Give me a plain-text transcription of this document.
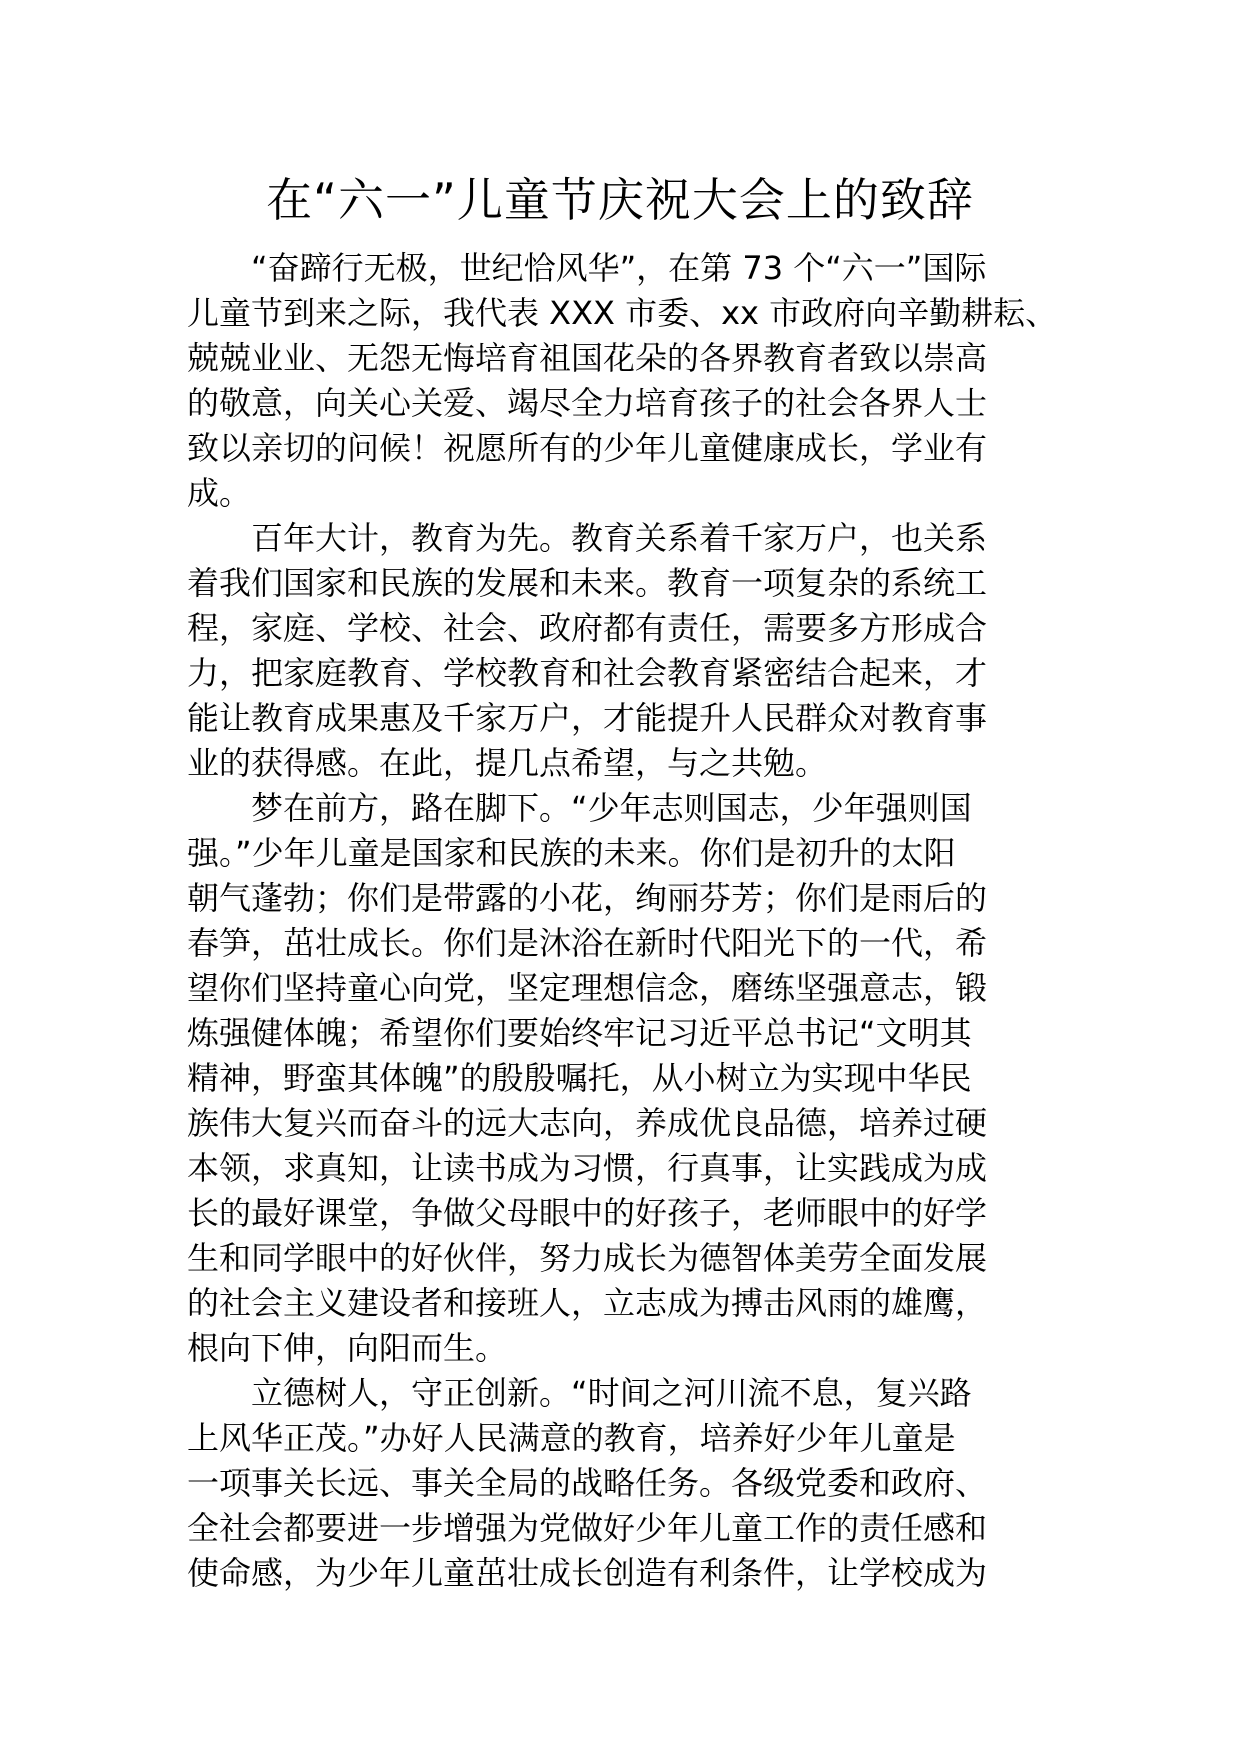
在“六一”儿童节庆祝大会上的致辞

“奋蹄行无极，世纪恰风华”，在第 73 个“六一”国际
儿童节到来之际，我代表 XXX 市委、xx 市政府向辛勤耕耘、
兢兢业业、无怨无悔培育祖国花朵的各界教育者致以崇高
的敬意，向关心关爱、竭尽全力培育孩子的社会各界人士
致以亲切的问候！祝愿所有的少年儿童健康成长，学业有
成。

百年大计，教育为先。教育关系着千家万户，也关系
着我们国家和民族的发展和未来。教育一项复杂的系统工
程，家庭、学校、社会、政府都有责任，需要多方形成合
力，把家庭教育、学校教育和社会教育紧密结合起来，才
能让教育成果惠及千家万户，才能提升人民群众对教育事
业的获得感。在此，提几点希望，与之共勉。

梦在前方，路在脚下。“少年志则国志，少年强则国
强。”少年儿童是国家和民族的未来。你们是初升的太阳
朝气蓬勃；你们是带露的小花，绚丽芬芳；你们是雨后的
春笋，茁壮成长。你们是沐浴在新时代阳光下的一代，希
望你们坚持童心向党，坚定理想信念，磨练坚强意志，锻
炼强健体魄；希望你们要始终牢记习近平总书记“文明其
精神，野蛮其体魄”的殷殷嘱托，从小树立为实现中华民
族伟大复兴而奋斗的远大志向，养成优良品德，培养过硬
本领，求真知，让读书成为习惯，行真事，让实践成为成
长的最好课堂，争做父母眼中的好孩子，老师眼中的好学
生和同学眼中的好伙伴，努力成长为德智体美劳全面发展
的社会主义建设者和接班人，立志成为搏击风雨的雄鹰，
根向下伸，向阳而生。

立德树人，守正创新。“时间之河川流不息，复兴路
上风华正茂。”办好人民满意的教育，培养好少年儿童是
一项事关长远、事关全局的战略任务。各级党委和政府、
全社会都要进一步增强为党做好少年儿童工作的责任感和
使命感，为少年儿童茁壮成长创造有利条件，让学校成为
